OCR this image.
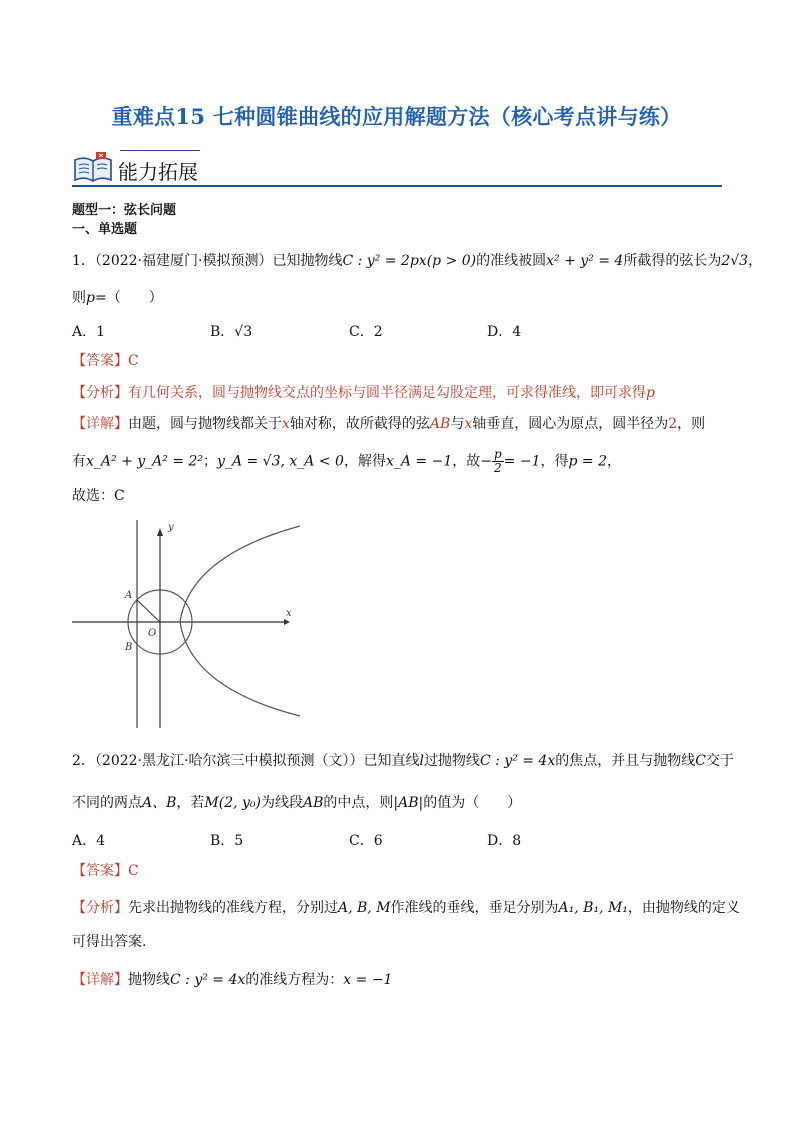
重难点15 七种圆锥曲线的应用解题方法（核心考点讲与练）
能力拓展
题型一：弦长问题
一、单选题
1．（2022·福建厦门·模拟预测）已知抛物线C : y² = 2px(p > 0)的准线被圆x² + y² = 4所截得的弦长为2√3，
则p=（　　）
A．1	B．√3	C．2	D．4
【答案】C
【分析】有几何关系，圆与抛物线交点的坐标与圆半径满足勾股定理，可求得准线，即可求得p
【详解】由题，圆与抛物线都关于x轴对称，故所截得的弦AB与x轴垂直，圆心为原点，圆半径为2，则
有x_A² + y_A² = 2²；y_A = √3, x_A < 0，解得x_A = −1，故− $\frac{p}{2} = -1$，得p = 2，
故选：C
y
x
O
A
B
2．（2022·黑龙江·哈尔滨三中模拟预测（文））已知直线l过抛物线C : y² = 4x的焦点，并且与抛物线C交于
不同的两点A、B，若M(2, y₀)为线段AB的中点，则|AB|的值为（　　）
A．4	B．5	C．6	D．8
【答案】C
【分析】先求出抛物线的准线方程，分别过A, B, M作准线的垂线，垂足分别为A₁, B₁, M₁，由抛物线的定义
可得出答案.
【详解】抛物线C : y² = 4x的准线方程为：x = −1
